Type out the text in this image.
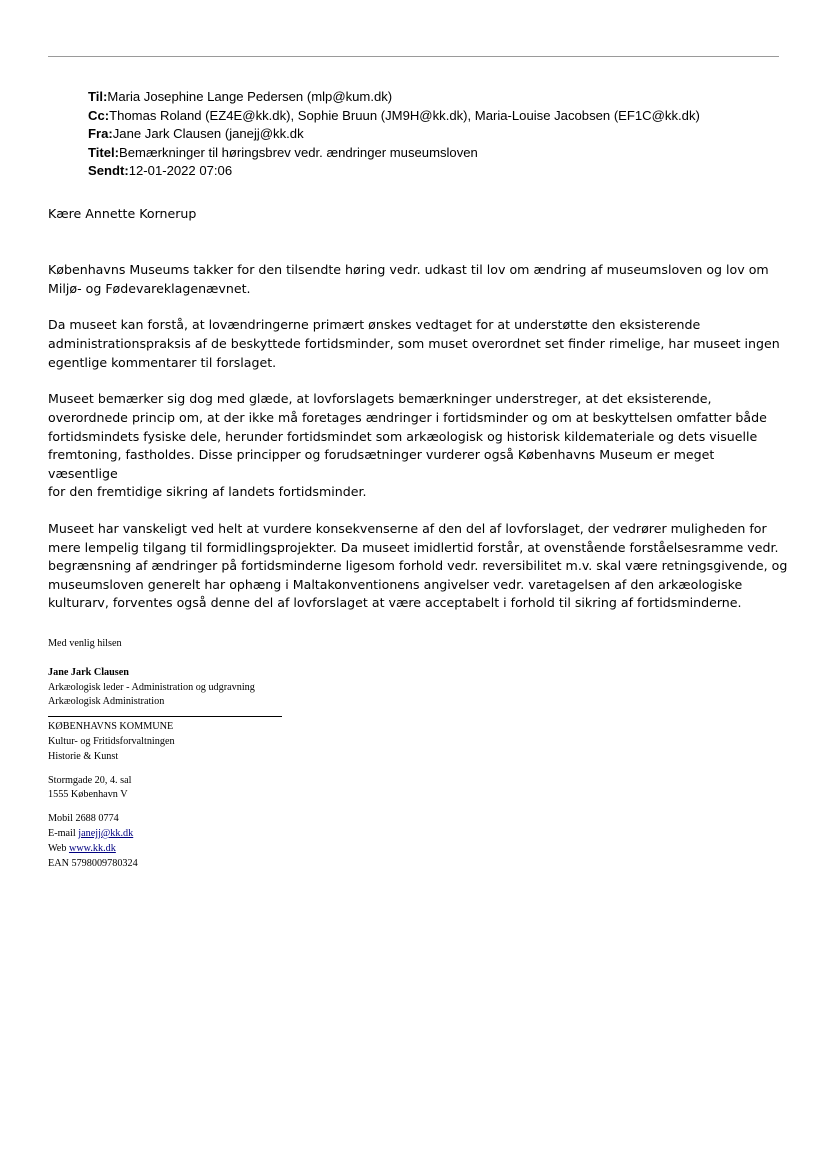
Til:Maria Josephine Lange Pedersen (mlp@kum.dk)
Cc:Thomas Roland (EZ4E@kk.dk), Sophie Bruun (JM9H@kk.dk), Maria-Louise Jacobsen (EF1C@kk.dk)
Fra:Jane Jark Clausen (janejj@kk.dk
Titel:Bemærkninger til høringsbrev vedr. ændringer museumsloven
Sendt:12-01-2022 07:06
Kære Annette Kornerup

Københavns Museums takker for den tilsendte høring vedr. udkast til lov om ændring af museumsloven og lov om
Miljø- og Fødevareklagenævnet.

Da museet kan forstå, at lovændringerne primært ønskes vedtaget for at understøtte den eksisterende
administrationspraksis af de beskyttede fortidsminder, som muset overordnet set finder rimelige, har museet ingen
egentlige kommentarer til forslaget.

Museet bemærker sig dog med glæde, at lovforslagets bemærkninger understreger, at det eksisterende,
overordnede princip om, at der ikke må foretages ændringer i fortidsminder og om at beskyttelsen omfatter både
fortidsmindets fysiske dele, herunder fortidsmindet som arkæologisk og historisk kildemateriale og dets visuelle
fremtoning, fastholdes. Disse principper og forudsætninger vurderer også Københavns Museum er meget væsentlige
for den fremtidige sikring af landets fortidsminder.

Museet har vanskeligt ved helt at vurdere konsekvenserne af den del af lovforslaget, der vedrører muligheden for
mere lempelig tilgang til formidlingsprojekter. Da museet imidlertid forstår, at ovenstående forståelsesramme vedr.
begrænsning af ændringer på fortidsminderne ligesom forhold vedr. reversibilitet m.v. skal være retningsgivende, og
museumsloven generelt har ophæng i Maltakonventionens angivelser vedr. varetagelsen af den arkæologiske
kulturarv, forventes også denne del af lovforslaget at være acceptabelt i forhold til sikring af fortidsminderne.

Med venlig hilsen
Jane Jark Clausen
Arkæologisk leder - Administration og udgravning
Arkæologisk Administration
KØBENHAVNS KOMMUNE
Kultur- og Fritidsforvaltningen
Historie & Kunst
Stormgade 20, 4. sal
1555 København V
Mobil 2688 0774
E-mail janejj@kk.dk
Web www.kk.dk
EAN 5798009780324
